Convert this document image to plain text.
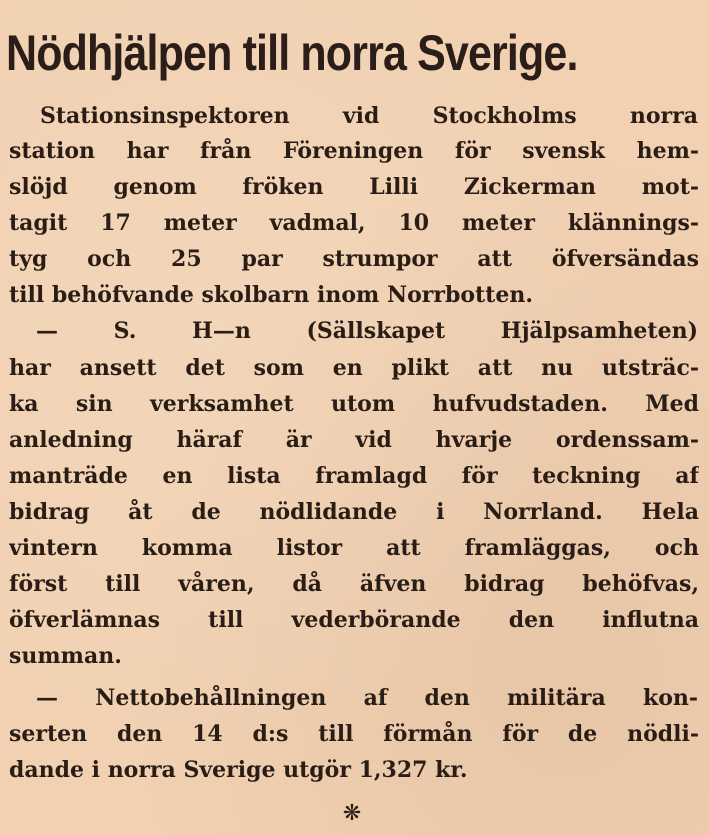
Nödhjälpen till norra Sverige.
Stationsinspektoren vid Stockholms norra
station har från Föreningen för svensk hem-
slöjd genom fröken Lilli Zickerman mot-
tagit 17 meter vadmal, 10 meter klännings-
tyg och 25 par strumpor att öfversändas
till behöfvande skolbarn inom Norrbotten.
— S. H—n (Sällskapet Hjälpsamheten)
har ansett det som en plikt att nu utsträc-
ka sin verksamhet utom hufvudstaden. Med
anledning häraf är vid hvarje ordenssam-
manträde en lista framlagd för teckning af
bidrag åt de nödlidande i Norrland. Hela
vintern komma listor att framläggas, och
först till våren, då äfven bidrag behöfvas,
öfverlämnas till vederbörande den influtna
summan.
— Nettobehållningen af den militära kon-
serten den 14 d:s till förmån för de nödli-
dande i norra Sverige utgör 1,327 kr.
❋
